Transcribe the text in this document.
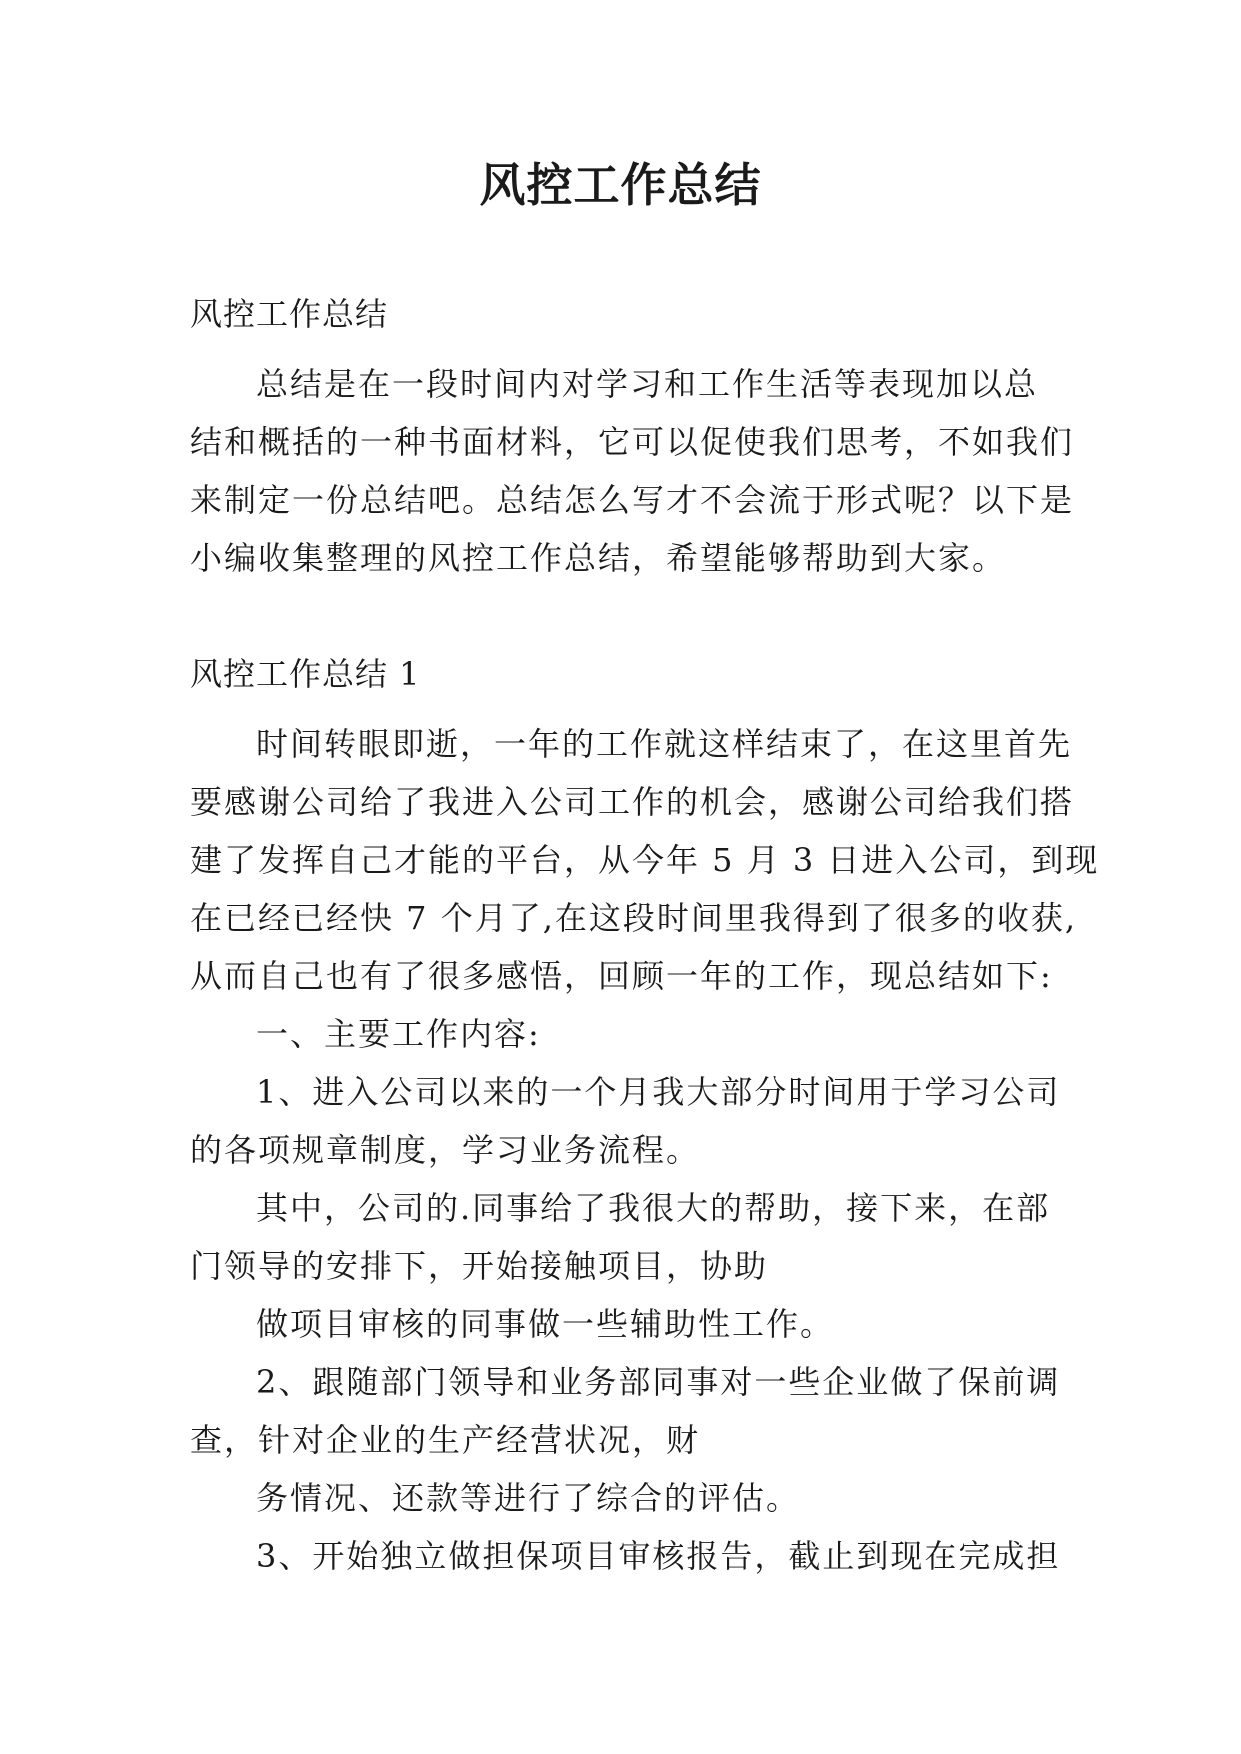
风控工作总结
风控工作总结
总结是在一段时间内对学习和工作生活等表现加以总
结和概括的一种书面材料，它可以促使我们思考，不如我们
来制定一份总结吧。总结怎么写才不会流于形式呢？以下是
小编收集整理的风控工作总结，希望能够帮助到大家。
风控工作总结 1
时间转眼即逝，一年的工作就这样结束了，在这里首先
要感谢公司给了我进入公司工作的机会，感谢公司给我们搭
建了发挥自己才能的平台，从今年 5 月 3 日进入公司，到现
在已经已经快 7 个月了,在这段时间里我得到了很多的收获,
从而自己也有了很多感悟，回顾一年的工作，现总结如下:
一、主要工作内容:
1、进入公司以来的一个月我大部分时间用于学习公司
的各项规章制度，学习业务流程。
其中，公司的.同事给了我很大的帮助，接下来，在部
门领导的安排下，开始接触项目，协助
做项目审核的同事做一些辅助性工作。
2、跟随部门领导和业务部同事对一些企业做了保前调
查，针对企业的生产经营状况，财
务情况、还款等进行了综合的评估。
3、开始独立做担保项目审核报告，截止到现在完成担
